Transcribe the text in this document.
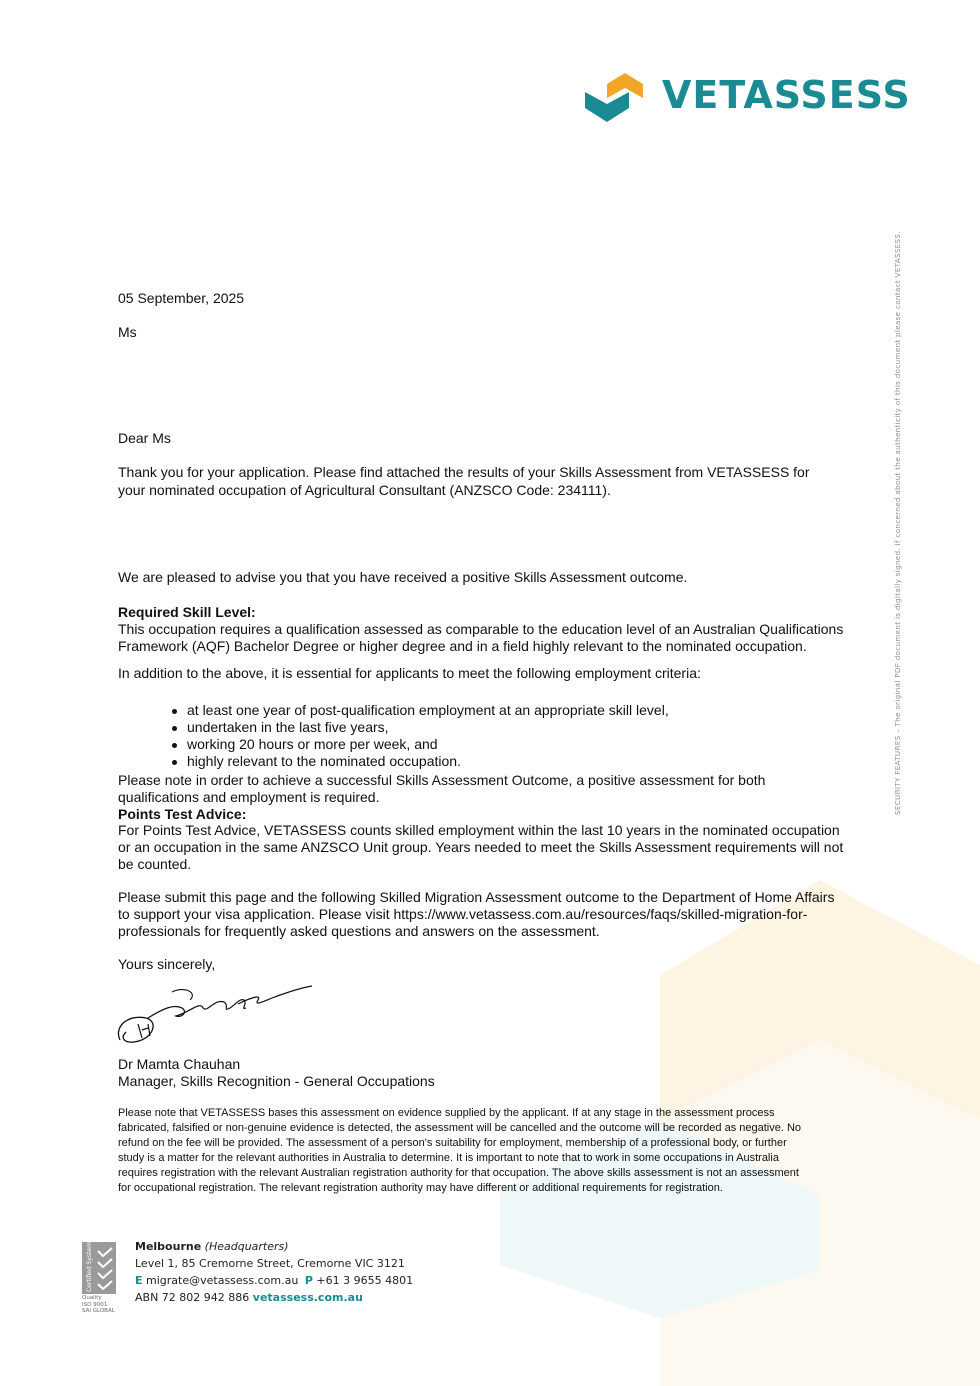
VETASSESS
SECURITY FEATURES – The original PDF document is digitally signed. If concerned about the authenticity of this document please contact VETASSESS.
05 September, 2025
Ms
Dear Ms
Thank you for your application. Please find attached the results of your Skills Assessment from VETASSESS for
your nominated occupation of Agricultural Consultant (ANZSCO Code: 234111).
We are pleased to advise you that you have received a positive Skills Assessment outcome.
Required Skill Level:
This occupation requires a qualification assessed as comparable to the education level of an Australian Qualifications
Framework (AQF) Bachelor Degree or higher degree and in a field highly relevant to the nominated occupation.
In addition to the above, it is essential for applicants to meet the following employment criteria:
at least one year of post-qualification employment at an appropriate skill level,
undertaken in the last five years,
working 20 hours or more per week, and
highly relevant to the nominated occupation.
Please note in order to achieve a successful Skills Assessment Outcome, a positive assessment for both
qualifications and employment is required.
Points Test Advice:
For Points Test Advice, VETASSESS counts skilled employment within the last 10 years in the nominated occupation
or an occupation in the same ANZSCO Unit group. Years needed to meet the Skills Assessment requirements will not
be counted.
Please submit this page and the following Skilled Migration Assessment outcome to the Department of Home Affairs
to support your visa application. Please visit https://www.vetassess.com.au/resources/faqs/skilled-migration-for-
professionals for frequently asked questions and answers on the assessment.
Yours sincerely,
Dr Mamta Chauhan
Manager, Skills Recognition - General Occupations
Please note that VETASSESS bases this assessment on evidence supplied by the applicant. If at any stage in the assessment process
fabricated, falsified or non-genuine evidence is detected, the assessment will be cancelled and the outcome will be recorded as negative. No
refund on the fee will be provided. The assessment of a person's suitability for employment, membership of a professional body, or further
study is a matter for the relevant authorities in Australia to determine. It is important to note that to work in some occupations in Australia
requires registration with the relevant Australian registration authority for that occupation. The above skills assessment is not an assessment
for occupational registration. The relevant registration authority may have different or additional requirements for registration.
Certified System
Quality
ISO 9001
SAI GLOBAL
Melbourne (Headquarters)
Level 1, 85 Cremorne Street, Cremorne VIC 3121
E migrate@vetassess.com.au P +61 3 9655 4801
ABN 72 802 942 886 vetassess.com.au
